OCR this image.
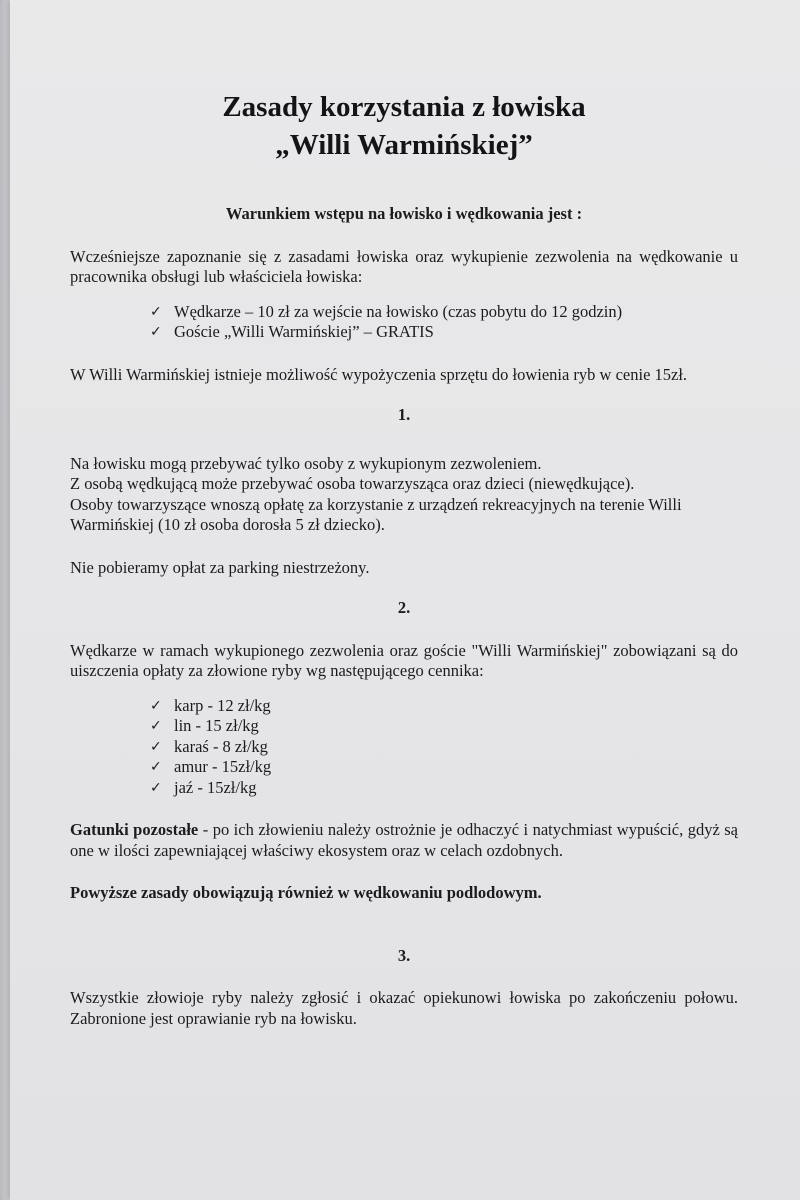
Zasady korzystania z łowiska
„Willi Warmińskiej”

Warunkiem wstępu na łowisko i wędkowania jest :

Wcześniejsze zapoznanie się z zasadami łowiska oraz wykupienie zezwolenia na wędkowanie u pracownika obsługi lub właściciela łowiska:

✓ Wędkarze – 10 zł za wejście na łowisko (czas pobytu do 12 godzin)
✓ Goście „Willi Warmińskiej” – GRATIS

W Willi Warmińskiej istnieje możliwość wypożyczenia sprzętu do łowienia ryb w cenie 15zł.

1.

Na łowisku mogą przebywać tylko osoby z wykupionym zezwoleniem.

Z osobą wędkującą może przebywać osoba towarzysząca oraz dzieci (niewędkujące).

Osoby towarzyszące wnoszą opłatę za korzystanie z urządzeń rekreacyjnych na terenie Willi Warmińskiej (10 zł osoba dorosła 5 zł dziecko).

Nie pobieramy opłat za parking niestrzeżony.

2.

Wędkarze w ramach wykupionego zezwolenia oraz goście "Willi Warmińskiej" zobowiązani są do uiszczenia opłaty za złowione ryby wg następującego cennika:

✓ karp - 12 zł/kg
✓ lin - 15 zł/kg
✓ karaś - 8 zł/kg
✓ amur - 15zł/kg
✓ jaź - 15zł/kg

Gatunki pozostałe - po ich złowieniu należy ostrożnie je odhaczyć i natychmiast wypuścić, gdyż są one w ilości zapewniającej właściwy ekosystem oraz w celach ozdobnych.

Powyższe zasady obowiązują również w wędkowaniu podlodowym.

3.

Wszystkie złowioje ryby należy zgłosić i okazać opiekunowi łowiska po zakończeniu połowu. Zabronione jest oprawianie ryb na łowisku.
